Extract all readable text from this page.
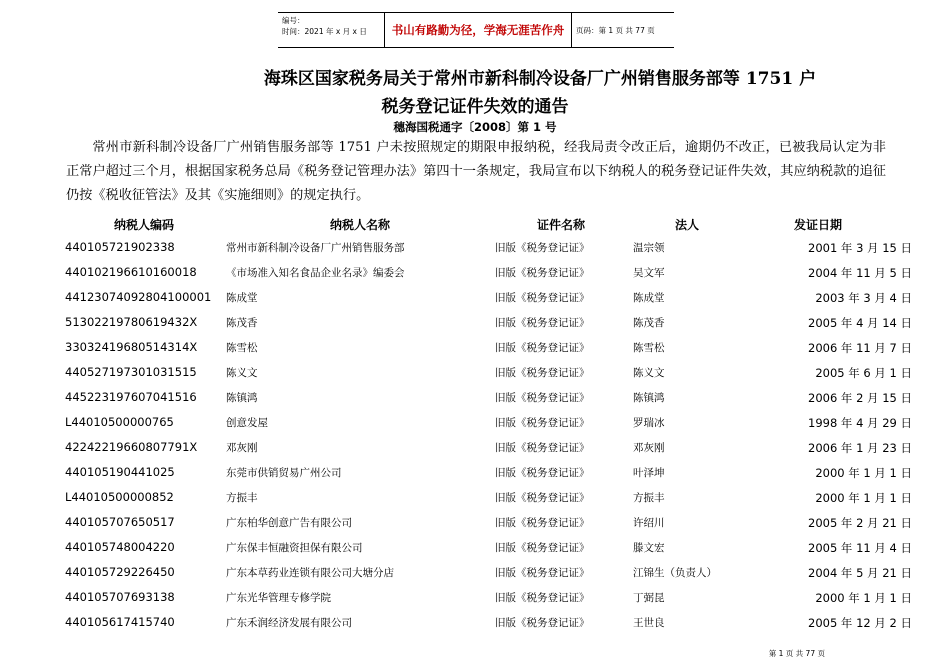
编号：
时间：2021 年 x 月 x 日	书山有路勤为径，学海无涯苦作舟	页码：第 1 页 共 77 页
海珠区国家税务局关于常州市新科制冷设备厂广州销售服务部等 1751 户
税务登记证件失效的通告
穗海国税通字〔2008〕第 1 号
常州市新科制冷设备厂广州销售服务部等 1751 户未按照规定的期限申报纳税，经我局责令改正后，逾期仍不改正，已被我局认定为非正常户超过三个月，根据国家税务总局《税务登记管理办法》第四十一条规定，我局宣布以下纳税人的税务登记证件失效，其应纳税款的追征仍按《税收征管法》及其《实施细则》的规定执行。
纳税人编码	纳税人名称	证件名称	法人	发证日期
440105721902338	常州市新科制冷设备厂广州销售服务部	旧版《税务登记证》	温宗领	2001 年 3 月 15 日
440102196610160018	《市场准入知名食品企业名录》编委会	旧版《税务登记证》	吴文军	2004 年 11 月 5 日
44123074092804100001 陈成堂	旧版《税务登记证》	陈成堂	2003 年 3 月 4 日
51302219780619432X	陈茂香	旧版《税务登记证》	陈茂香	2005 年 4 月 14 日
33032419680514314X	陈雪松	旧版《税务登记证》	陈雪松	2006 年 11 月 7 日
440527197301031515	陈义文	旧版《税务登记证》	陈义文	2005 年 6 月 1 日
445223197607041516	陈镇鸿	旧版《税务登记证》	陈镇鸿	2006 年 2 月 15 日
L44010500000765	创意发屋	旧版《税务登记证》	罗瑞冰	1998 年 4 月 29 日
42242219660807791X	邓灰刚	旧版《税务登记证》	邓灰刚	2006 年 1 月 23 日
440105190441025	东莞市供销贸易广州公司	旧版《税务登记证》	叶泽坤	2000 年 1 月 1 日
L44010500000852	方振丰	旧版《税务登记证》	方振丰	2000 年 1 月 1 日
440105707650517	广东柏华创意广告有限公司	旧版《税务登记证》	许绍川	2005 年 2 月 21 日
440105748004220	广东保丰恒融资担保有限公司	旧版《税务登记证》	滕文宏	2005 年 11 月 4 日
440105729226450	广东本草药业连锁有限公司大塘分店	旧版《税务登记证》	江锦生（负责人）	2004 年 5 月 21 日
440105707693138	广东光华管理专修学院	旧版《税务登记证》	丁弼昆	2000 年 1 月 1 日
440105617415740	广东禾润经济发展有限公司	旧版《税务登记证》	王世良	2005 年 12 月 2 日
第 1 页 共 77 页
